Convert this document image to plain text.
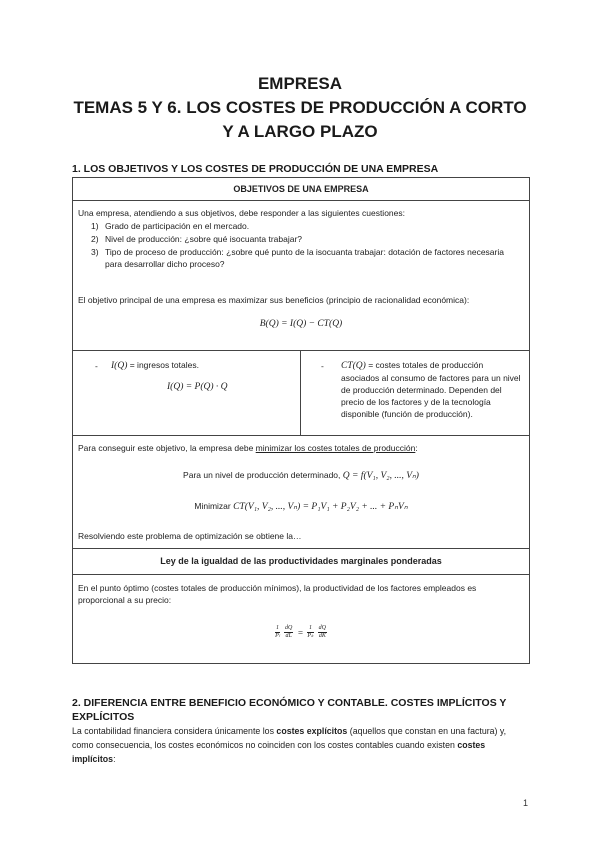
EMPRESA
TEMAS 5 Y 6. LOS COSTES DE PRODUCCIÓN A CORTO
Y A LARGO PLAZO
1. LOS OBJETIVOS Y LOS COSTES DE PRODUCCIÓN DE UNA EMPRESA
OBJETIVOS DE UNA EMPRESA
Una empresa, atendiendo a sus objetivos, debe responder a las siguientes cuestiones:
1) Grado de participación en el mercado.
2) Nivel de producción: ¿sobre qué isocuanta trabajar?
3) Tipo de proceso de producción: ¿sobre qué punto de la isocuanta trabajar: dotación de factores necesaria para desarrollar dicho proceso?
El objetivo principal de una empresa es maximizar sus beneficios (principio de racionalidad económica):
B(Q) = I(Q) − CT(Q)
- I(Q) = ingresos totales.
I(Q) = P(Q) · Q
- CT(Q) = costes totales de producción asociados al consumo de factores para un nivel de producción determinado. Dependen del precio de los factores y de la tecnología disponible (función de producción).
Para conseguir este objetivo, la empresa debe minimizar los costes totales de producción:
Para un nivel de producción determinado, Q = f(V₁, V₂, ..., Vₙ)
Minimizar CT(V₁, V₂, ..., Vₙ) = P₁V₁ + P₂V₂ + ... + PₙVₙ
Resolviendo este problema de optimización se obtiene la…
Ley de la igualdad de las productividades marginales ponderadas
En el punto óptimo (costes totales de producción mínimos), la productividad de los factores empleados es proporcional a su precio:
$\frac{1}{\text{Pₗ}} \frac{dQ}{dL} = \frac{1}{\text{Pₖ}} \frac{dQ}{dK}$
2. DIFERENCIA ENTRE BENEFICIO ECONÓMICO Y CONTABLE. COSTES IMPLÍCITOS Y EXPLÍCITOS
La contabilidad financiera considera únicamente los costes explícitos (aquellos que constan en una factura) y, como consecuencia, los costes económicos no coinciden con los costes contables cuando existen costes implícitos:
1
